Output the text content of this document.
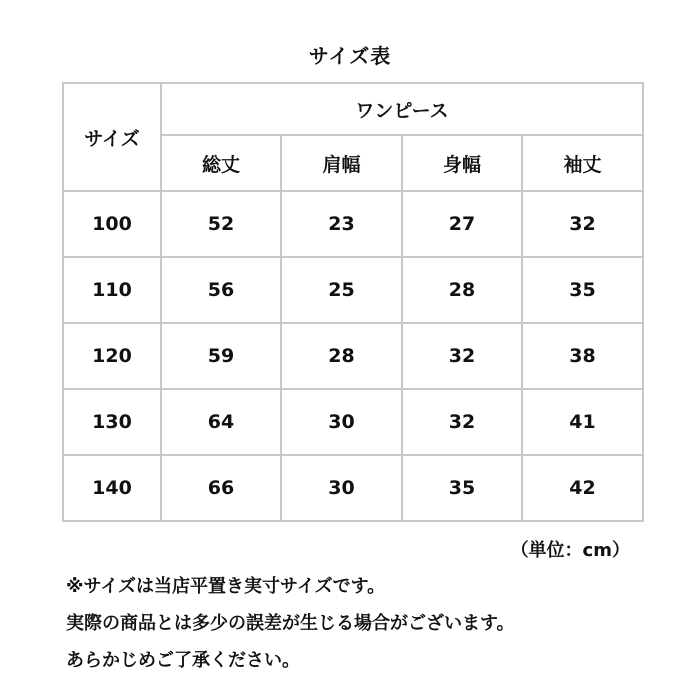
サイズ表
サイズ	ワンピース			
	総丈	肩幅	身幅	袖丈
100	52	23	27	32
110	56	25	28	35
120	59	28	32	38
130	64	30	32	41
140	66	30	35	42
（単位：cm）
※サイズは当店平置き実寸サイズです。
実際の商品とは多少の誤差が生じる場合がございます。
あらかじめご了承ください。
